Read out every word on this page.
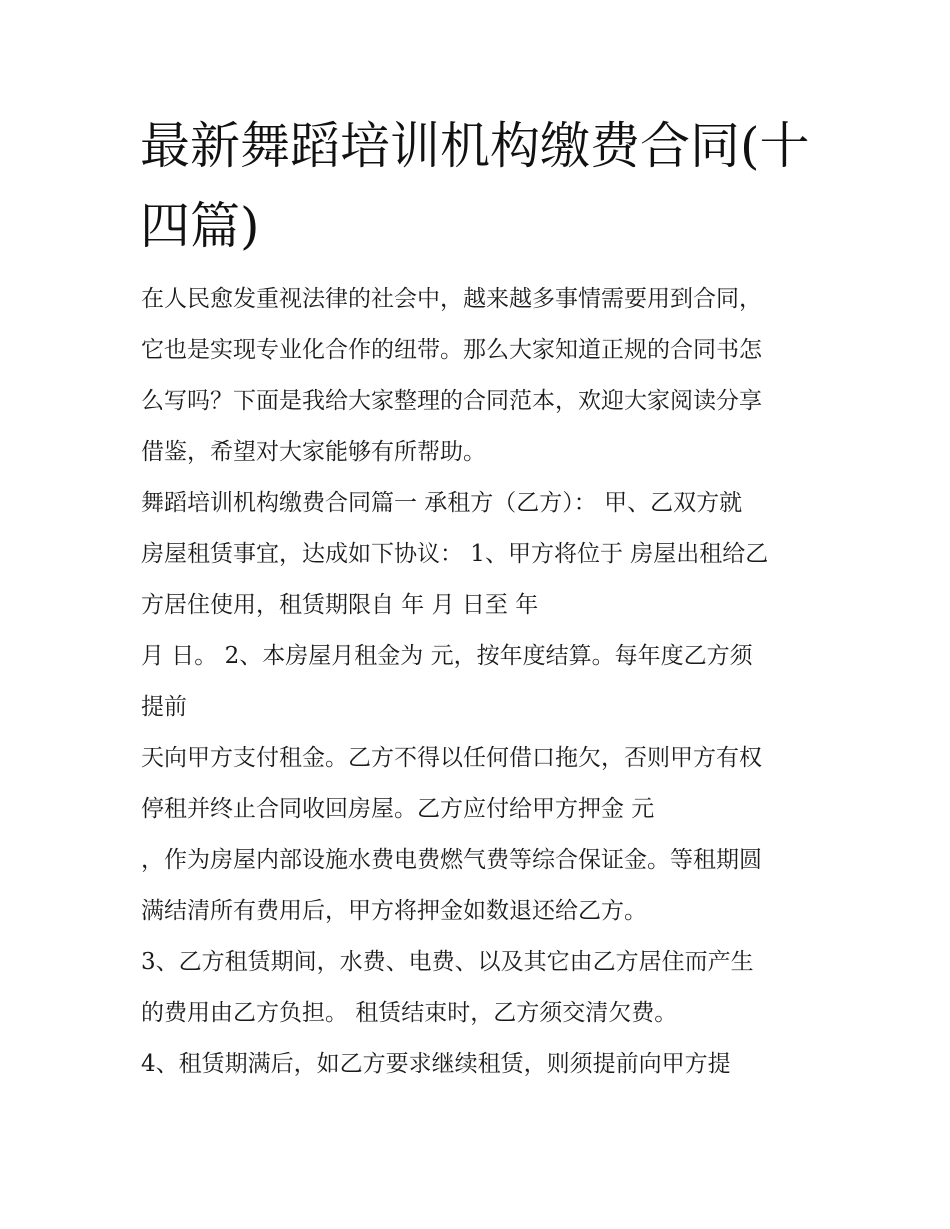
最新舞蹈培训机构缴费合同(十
四篇)

在人民愈发重视法律的社会中，越来越多事情需要用到合同，

它也是实现专业化合作的纽带。那么大家知道正规的合同书怎

么写吗？下面是我给大家整理的合同范本，欢迎大家阅读分享

借鉴，希望对大家能够有所帮助。

舞蹈培训机构缴费合同篇一 承租方（乙方）： 甲、乙双方就

房屋租赁事宜，达成如下协议： 1、甲方将位于 房屋出租给乙

方居住使用，租赁期限自 年 月 日至 年

月 日。 2、本房屋月租金为 元，按年度结算。每年度乙方须

提前

天向甲方支付租金。乙方不得以任何借口拖欠，否则甲方有权

停租并终止合同收回房屋。乙方应付给甲方押金 元

，作为房屋内部设施水费电费燃气费等综合保证金。等租期圆

满结清所有费用后，甲方将押金如数退还给乙方。

3、乙方租赁期间，水费、电费、以及其它由乙方居住而产生

的费用由乙方负担。 租赁结束时，乙方须交清欠费。

4、租赁期满后，如乙方要求继续租赁，则须提前向甲方提
